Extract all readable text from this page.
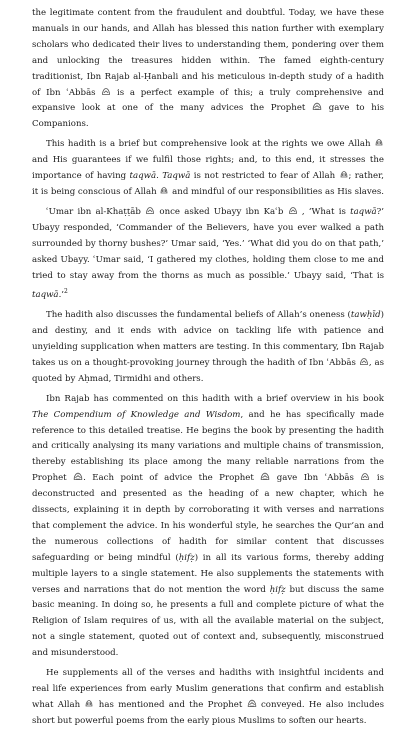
the legitimate content from the fraudulent and doubtful. Today, we have these manuals in our hands, and Allah has blessed this nation further with exemplary scholars who dedicated their lives to understanding them, pondering over them and unlocking the treasures hidden within. The famed eighth-century traditionist, Ibn Rajab al-Ḥanbali and his meticulous in-depth study of a hadith of Ibn ʿAbbās
is a perfect example of this; a truly comprehensive and expansive look at one of the many advices the Prophet
gave to his Companions.

This hadith is a brief but comprehensive look at the rights we owe Allah
and His guarantees if we fulfil those rights; and, to this end, it stresses the importance of having taqwā. Taqwā is not restricted to fear of Allah
; rather, it is being conscious of Allah
and mindful of our responsibilities as His slaves.

ʿUmar ibn al-Khaṭṭāb
once asked Ubayy ibn Kaʿb
, ‘What is taqwā?’ Ubayy responded, ‘Commander of the Believers, have you ever walked a path surrounded by thorny bushes?’ Umar said, ‘Yes.’ ‘What did you do on that path,’ asked Ubayy. ʿUmar said, ‘I gathered my clothes, holding them close to me and tried to stay away from the thorns as much as possible.’ Ubayy said, ‘That is taqwā.’$^2$

The hadith also discusses the fundamental beliefs of Allah’s oneness (tawḥīd) and destiny, and it ends with advice on tackling life with patience and unyielding supplication when matters are testing. In this commentary, Ibn Rajab takes us on a thought-provoking journey through the hadith of Ibn ʿAbbās
, as quoted by Aḥmad, Tirmidhi and others.

Ibn Rajab has commented on this hadith with a brief overview in his book The Compendium of Knowledge and Wisdom, and he has specifically made reference to this detailed treatise. He begins the book by presenting the hadith and critically analysing its many variations and multiple chains of transmission, thereby establishing its place among the many reliable narrations from the Prophet
. Each point of advice the Prophet
gave Ibn ʿAbbās
is deconstructed and presented as the heading of a new chapter, which he dissects, explaining it in depth by corroborating it with verses and narrations that complement the advice. In his wonderful style, he searches the Qur’an and the numerous collections of hadith for similar content that discusses safeguarding or being mindful (ḥifẓ) in all its various forms, thereby adding multiple layers to a single statement. He also supplements the statements with verses and narrations that do not mention the word ḥifẓ but discuss the same basic meaning. In doing so, he presents a full and complete picture of what the Religion of Islam requires of us, with all the available material on the subject, not a single statement, quoted out of context and, subsequently, misconstrued and misunderstood.

He supplements all of the verses and hadiths with insightful incidents and real life experiences from early Muslim generations that confirm and establish what Allah
has mentioned and the Prophet
conveyed. He also includes short but powerful poems from the early pious Muslims to soften our hearts.
